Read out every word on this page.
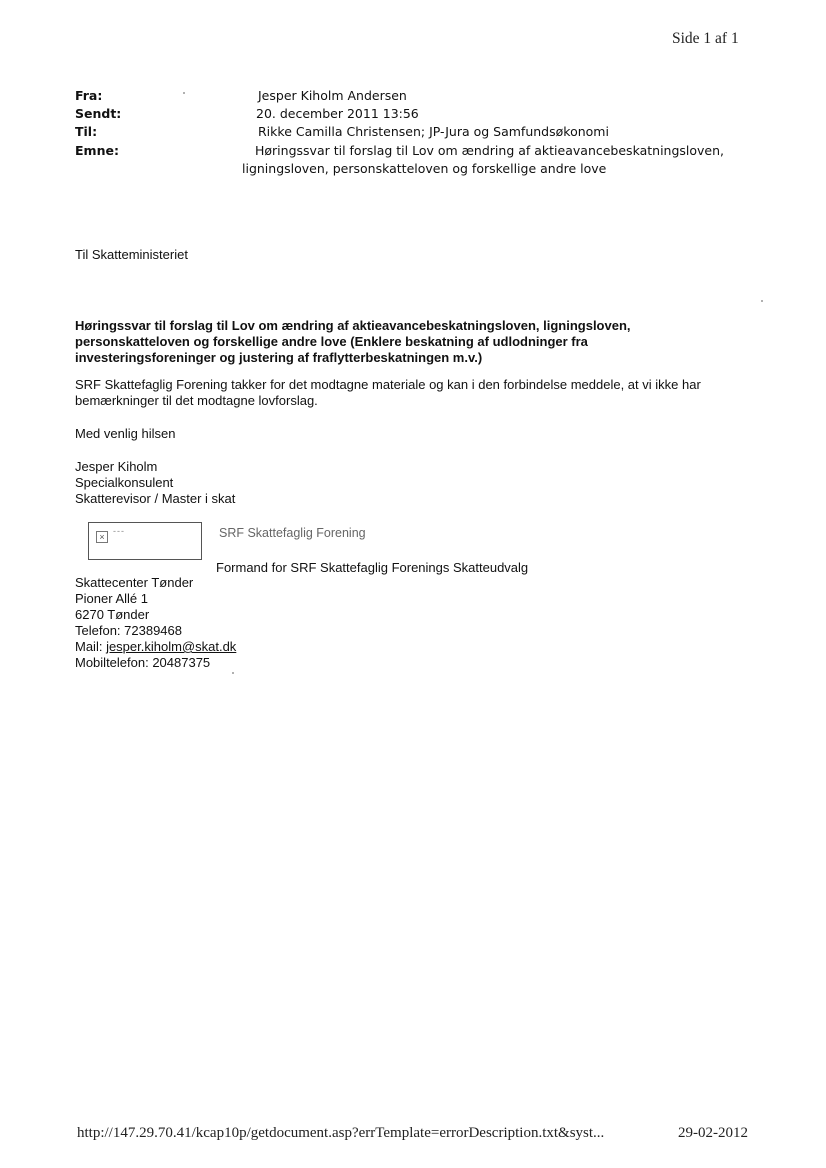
Side 1 af 1
Fra:	Jesper Kiholm Andersen
Sendt:	20. december 2011 13:56
Til:	Rikke Camilla Christensen; JP-Jura og Samfundsøkonomi
Emne:	Høringssvar til forslag til Lov om ændring af aktieavancebeskatningsloven,
ligningsloven, personskatteloven og forskellige andre love
Til Skatteministeriet
Høringssvar til forslag til Lov om ændring af aktieavancebeskatningsloven, ligningsloven,
personskatteloven og forskellige andre love (Enklere beskatning af udlodninger fra
investeringsforeninger og justering af fraflytterbeskatningen m.v.)
SRF Skattefaglig Forening takker for det modtagne materiale og kan i den forbindelse meddele, at vi ikke har
bemærkninger til det modtagne lovforslag.
Med venlig hilsen
Jesper Kiholm
Specialkonsulent
Skatterevisor / Master i skat
×
---	SRF Skattefaglig Forening
Formand for SRF Skattefaglig Forenings Skatteudvalg
Skattecenter Tønder
Pioner Allé 1
6270 Tønder
Telefon: 72389468
Mail: jesper.kiholm@skat.dk
Mobiltelefon: 20487375
http://147.29.70.41/kcap10p/getdocument.asp?errTemplate=errorDescription.txt&syst...	29-02-2012
